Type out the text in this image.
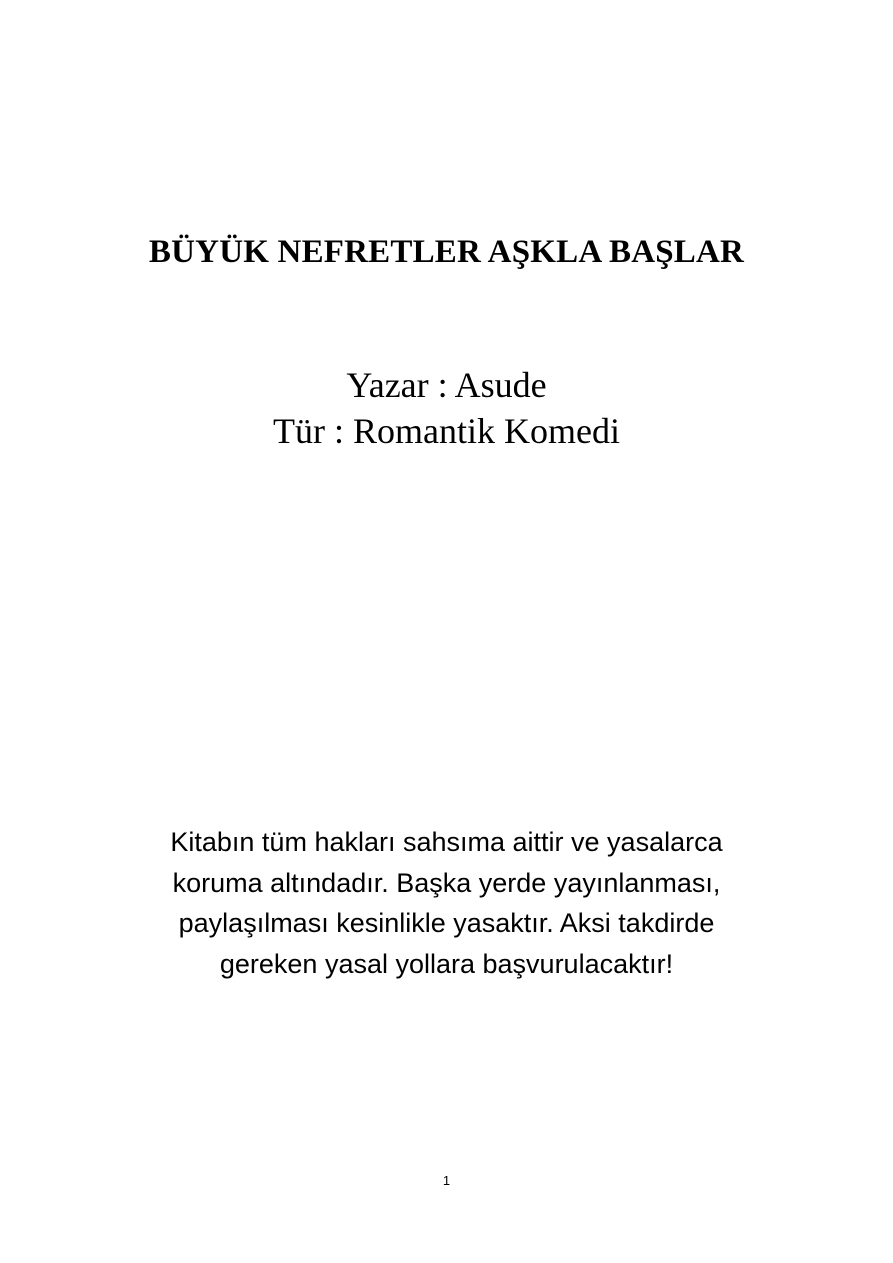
BÜYÜK NEFRETLER AŞKLA BAŞLAR
Yazar : Asude
Tür : Romantik Komedi
Kitabın tüm hakları sahsıma aittir ve yasalarca
koruma altındadır. Başka yerde yayınlanması,
paylaşılması kesinlikle yasaktır. Aksi takdirde
gereken yasal yollara başvurulacaktır!
1
